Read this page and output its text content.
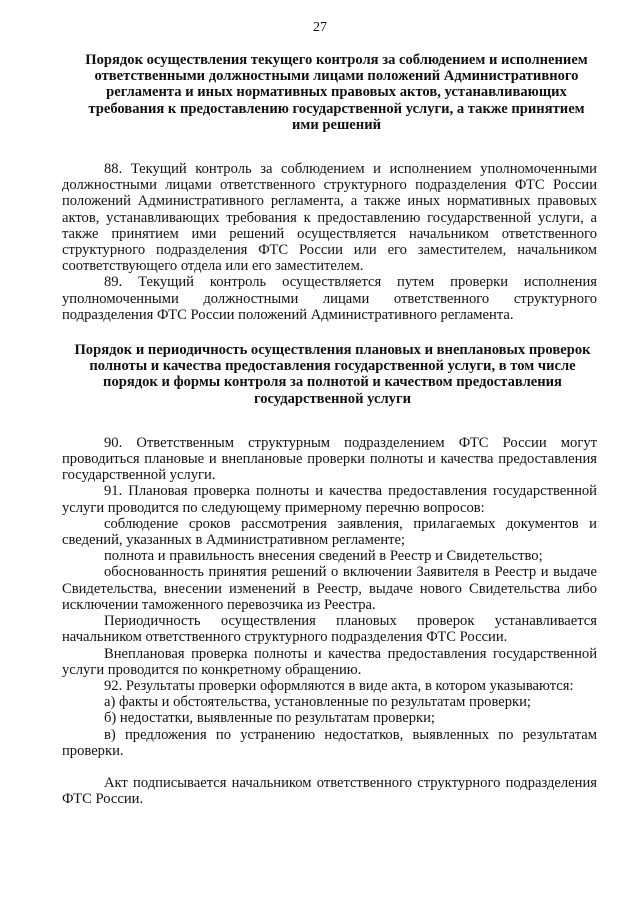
27
Порядок осуществления текущего контроля за соблюдением и исполнением ответственными должностными лицами положений Административного регламента и иных нормативных правовых актов, устанавливающих требования к предоставлению государственной услуги, а также принятием ими решений

88. Текущий контроль за соблюдением и исполнением уполномоченными должностными лицами ответственного структурного подразделения ФТС России положений Административного регламента, а также иных нормативных правовых актов, устанавливающих требования к предоставлению государственной услуги, а также принятием ими решений осуществляется начальником ответственного структурного подразделения ФТС России или его заместителем, начальником соответствующего отдела или его заместителем.

89. Текущий контроль осуществляется путем проверки исполнения уполномоченными должностными лицами ответственного структурного подразделения ФТС России положений Административного регламента.

Порядок и периодичность осуществления плановых и внеплановых проверок полноты и качества предоставления государственной услуги, в том числе порядок и формы контроля за полнотой и качеством предоставления государственной услуги

90. Ответственным структурным подразделением ФТС России могут проводиться плановые и внеплановые проверки полноты и качества предоставления государственной услуги.

91. Плановая проверка полноты и качества предоставления государственной услуги проводится по следующему примерному перечню вопросов:

соблюдение сроков рассмотрения заявления, прилагаемых документов и сведений, указанных в Административном регламенте;

полнота и правильность внесения сведений в Реестр и Свидетельство;

обоснованность принятия решений о включении Заявителя в Реестр и выдаче Свидетельства, внесении изменений в Реестр, выдаче нового Свидетельства либо исключении таможенного перевозчика из Реестра.

Периодичность осуществления плановых проверок устанавливается начальником ответственного структурного подразделения ФТС России.

Внеплановая проверка полноты и качества предоставления государственной услуги проводится по конкретному обращению.

92. Результаты проверки оформляются в виде акта, в котором указываются:

а) факты и обстоятельства, установленные по результатам проверки;

б) недостатки, выявленные по результатам проверки;

в) предложения по устранению недостатков, выявленных по результатам проверки.

Акт подписывается начальником ответственного структурного подразделения ФТС России.
